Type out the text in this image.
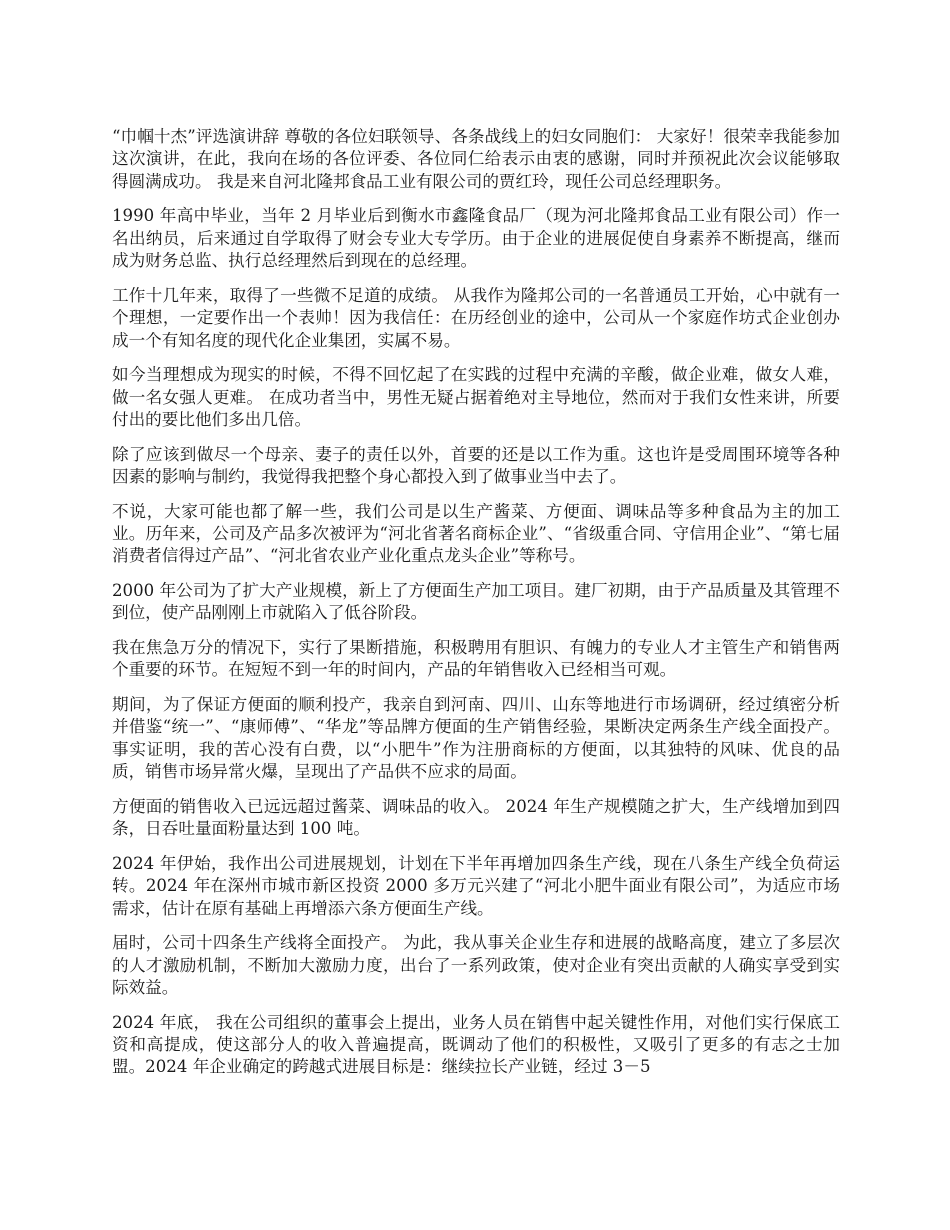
“巾帼十杰”评选演讲辞 尊敬的各位妇联领导、各条战线上的妇女同胞们： 大家好！很荣幸我能参加这次演讲，在此，我向在场的各位评委、各位同仁给表示由衷的感谢，同时并预祝此次会议能够取得圆满成功。 我是来自河北隆邦食品工业有限公司的贾红玲，现任公司总经理职务。

1990 年高中毕业，当年 2 月毕业后到衡水市鑫隆食品厂（现为河北隆邦食品工业有限公司）作一名出纳员，后来通过自学取得了财会专业大专学历。由于企业的进展促使自身素养不断提高，继而成为财务总监、执行总经理然后到现在的总经理。

工作十几年来，取得了一些微不足道的成绩。 从我作为隆邦公司的一名普通员工开始，心中就有一个理想，一定要作出一个表帅！因为我信任：在历经创业的途中，公司从一个家庭作坊式企业创办成一个有知名度的现代化企业集团，实属不易。

如今当理想成为现实的时候，不得不回忆起了在实践的过程中充满的辛酸，做企业难，做女人难，做一名女强人更难。 在成功者当中，男性无疑占据着绝对主导地位，然而对于我们女性来讲，所要付出的要比他们多出几倍。

除了应该到做尽一个母亲、妻子的责任以外，首要的还是以工作为重。这也许是受周围环境等各种因素的影响与制约，我觉得我把整个身心都投入到了做事业当中去了。

不说，大家可能也都了解一些，我们公司是以生产酱菜、方便面、调味品等多种食品为主的加工业。历年来，公司及产品多次被评为“河北省著名商标企业”、“省级重合同、守信用企业”、“第七届消费者信得过产品”、“河北省农业产业化重点龙头企业”等称号。

2000 年公司为了扩大产业规模，新上了方便面生产加工项目。建厂初期，由于产品质量及其管理不到位，使产品刚刚上市就陷入了低谷阶段。

我在焦急万分的情况下，实行了果断措施，积极聘用有胆识、有魄力的专业人才主管生产和销售两个重要的环节。在短短不到一年的时间内，产品的年销售收入已经相当可观。

期间，为了保证方便面的顺利投产，我亲自到河南、四川、山东等地进行市场调研，经过缜密分析并借鉴“统一”、“康师傅”、“华龙”等品牌方便面的生产销售经验，果断决定两条生产线全面投产。事实证明，我的苦心没有白费，以“小肥牛”作为注册商标的方便面，以其独特的风味、优良的品质，销售市场异常火爆，呈现出了产品供不应求的局面。

方便面的销售收入已远远超过酱菜、调味品的收入。 2024 年生产规模随之扩大，生产线增加到四条，日吞吐量面粉量达到 100 吨。

2024 年伊始，我作出公司进展规划，计划在下半年再增加四条生产线，现在八条生产线全负荷运转。2024 年在深州市城市新区投资 2000 多万元兴建了“河北小肥牛面业有限公司”，为适应市场需求，估计在原有基础上再增添六条方便面生产线。

届时，公司十四条生产线将全面投产。 为此，我从事关企业生存和进展的战略高度，建立了多层次的人才激励机制，不断加大激励力度，出台了一系列政策，使对企业有突出贡献的人确实享受到实际效益。

2024 年底， 我在公司组织的董事会上提出，业务人员在销售中起关键性作用，对他们实行保底工资和高提成，使这部分人的收入普遍提高，既调动了他们的积极性，又吸引了更多的有志之士加盟。2024 年企业确定的跨越式进展目标是：继续拉长产业链，经过 3－5
